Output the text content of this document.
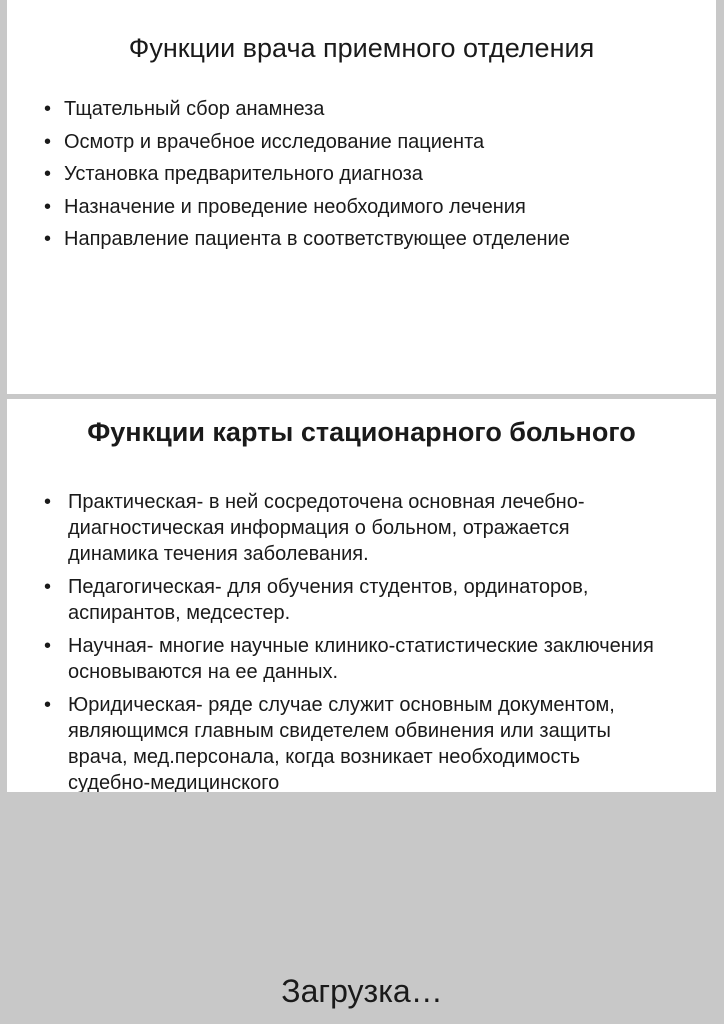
Функции врача приемного отделения
• Тщательный сбор анамнеза
• Осмотр и врачебное исследование пациента
• Установка предварительного диагноза
• Назначение и проведение необходимого лечения
• Направление пациента в соответствующее отделение
Функции карты стационарного больного
• Практическая- в ней сосредоточена основная лечебно-диагностическая информация о больном, отражается динамика течения заболевания.
• Педагогическая- для обучения студентов, ординаторов, аспирантов, медсестер.
• Научная- многие научные клинико-статистические заключения основываются на ее данных.
• Юридическая- ряде случае служит основным документом, являющимся главным свидетелем обвинения или защиты врача, мед.персонала, когда возникает необходимость судебно-медицинского
Загрузка…
